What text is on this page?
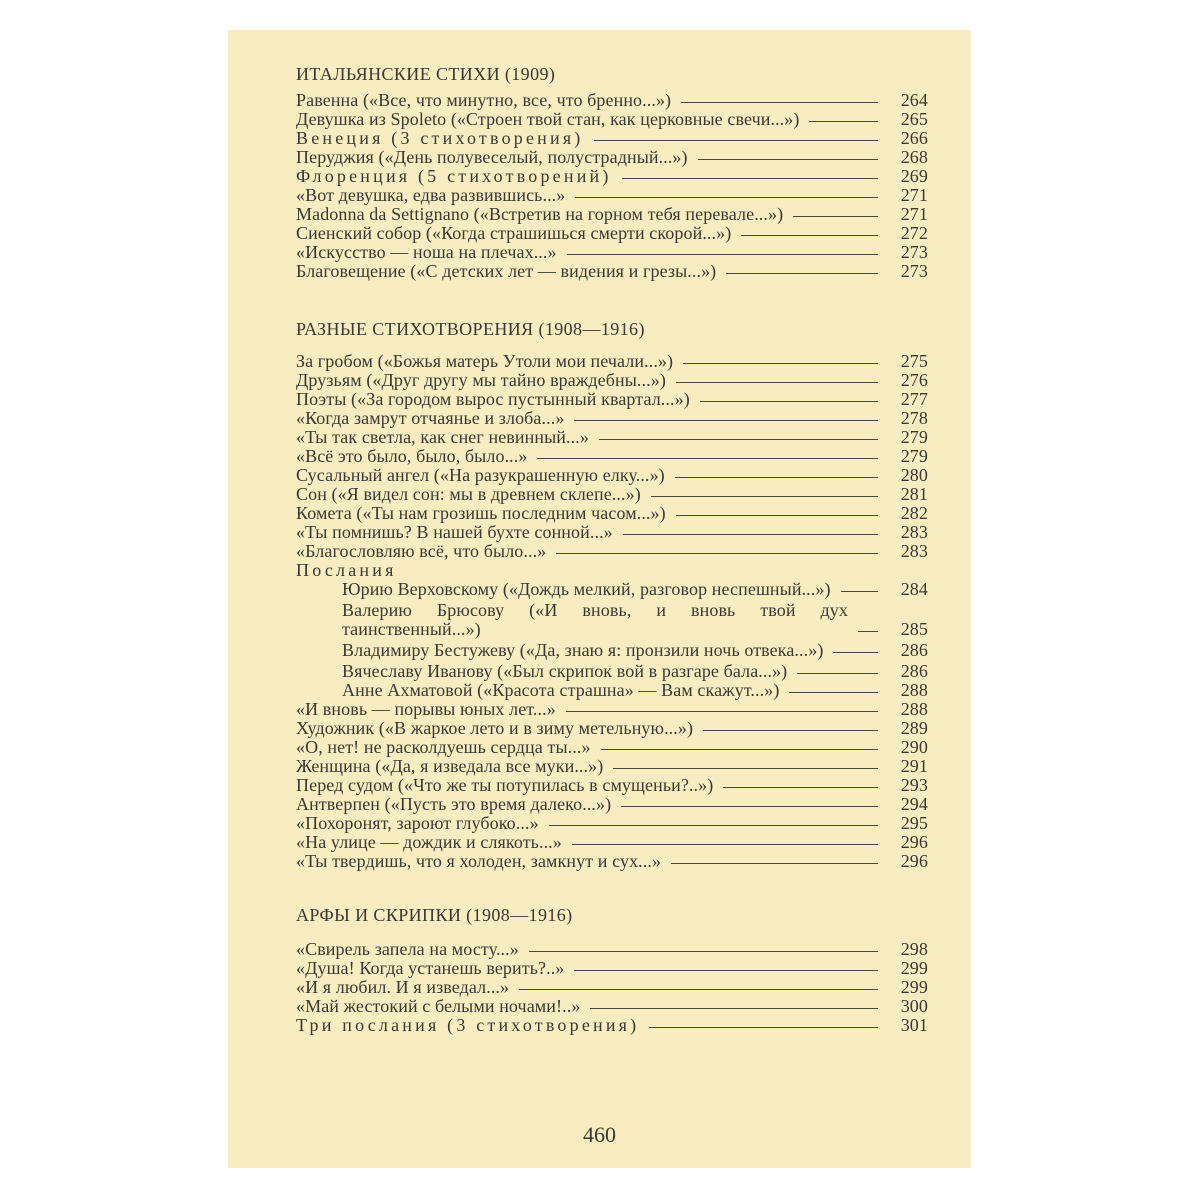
ИТАЛЬЯНСКИЕ СТИХИ (1909)
Равенна («Все, что минутно, все, что бренно...»)	264
Девушка из Spoleto («Строен твой стан, как церковные свечи...»)	265
Венеция (3 стихотворения)	266
Перуджия («День полувеселый, полустрадный...»)	268
Флоренция (5 стихотворений)	269
«Вот девушка, едва развившись...»	271
Madonna da Settignano («Встретив на горном тебя перевале...»)	271
Сиенский собор («Когда страшишься смерти скорой...»)	272
«Искусство — ноша на плечах...»	273
Благовещение («С детских лет — видения и грезы...»)	273
РАЗНЫЕ СТИХОТВОРЕНИЯ (1908—1916)
За гробом («Божья матерь Утоли мои печали...»)	275
Друзьям («Друг другу мы тайно враждебны...»)	276
Поэты («За городом вырос пустынный квартал...»)	277
«Когда замрут отчаянье и злоба...»	278
«Ты так светла, как снег невинный...»	279
«Всё это было, было, было...»	279
Сусальный ангел («На разукрашенную елку...»)	280
Сон («Я видел сон: мы в древнем склепе...»)	281
Комета («Ты нам грозишь последним часом...»)	282
«Ты помнишь? В нашей бухте сонной...»	283
«Благословляю всё, что было...»	283
Послания
Юрию Верховскому («Дождь мелкий, разговор неспешный...»)	284
Валерию Брюсову («И вновь, и вновь твой дух таинственный...»)	285
Владимиру Бестужеву («Да, знаю я: пронзили ночь отвека...»)	286
Вячеславу Иванову («Был скрипок вой в разгаре бала...»)	286
Анне Ахматовой («Красота страшна» — Вам скажут...»)	288
«И вновь — порывы юных лет...»	288
Художник («В жаркое лето и в зиму метельную...»)	289
«О, нет! не расколдуешь сердца ты...»	290
Женщина («Да, я изведала все муки...»)	291
Перед судом («Что же ты потупилась в смущеньи?..»)	293
Антверпен («Пусть это время далеко...»)	294
«Похоронят, зароют глубоко...»	295
«На улице — дождик и слякоть...»	296
«Ты твердишь, что я холоден, замкнут и сух...»	296
АРФЫ И СКРИПКИ (1908—1916)
«Свирель запела на мосту...»	298
«Душа! Когда устанешь верить?..»	299
«И я любил. И я изведал...»	299
«Май жестокий с белыми ночами!..»	300
Три послания (3 стихотворения)	301
460
